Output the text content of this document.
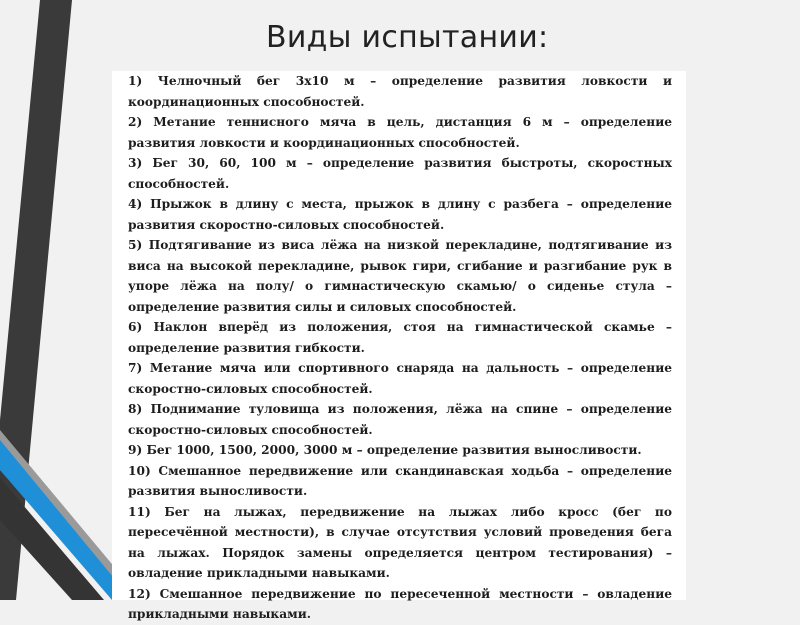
Виды испытании:
1) Челночный бег 3х10 м – определение развития ловкости и координационных способностей.
2) Метание теннисного мяча в цель, дистанция 6 м – определение развития ловкости и координационных способностей.
3) Бег 30, 60, 100 м – определение развития быстроты, скоростных способностей.
4) Прыжок в длину с места, прыжок в длину с разбега – определение развития скоростно-силовых способностей.
5) Подтягивание из виса лёжа на низкой перекладине, подтягивание из виса на высокой перекладине, рывок гири, сгибание и разгибание рук в упоре лёжа на полу/ о гимнастическую скамью/ о сиденье стула – определение развития силы и силовых способностей.
6) Наклон вперёд из положения, стоя на гимнастической скамье – определение развития гибкости.
7) Метание мяча или спортивного снаряда на дальность – определение скоростно-силовых способностей.
8) Поднимание туловища из положения, лёжа на спине – определение скоростно-силовых способностей.
9) Бег 1000, 1500, 2000, 3000 м – определение развития выносливости.
10) Смешанное передвижение или скандинавская ходьба – определение развития выносливости.
11) Бег на лыжах, передвижение на лыжах либо кросс (бег по пересечённой местности), в случае отсутствия условий проведения бега на лыжах. Порядок замены определяется центром тестирования) – овладение прикладными навыками.
12) Смешанное передвижение по пересеченной местности – овладение прикладными навыками.
